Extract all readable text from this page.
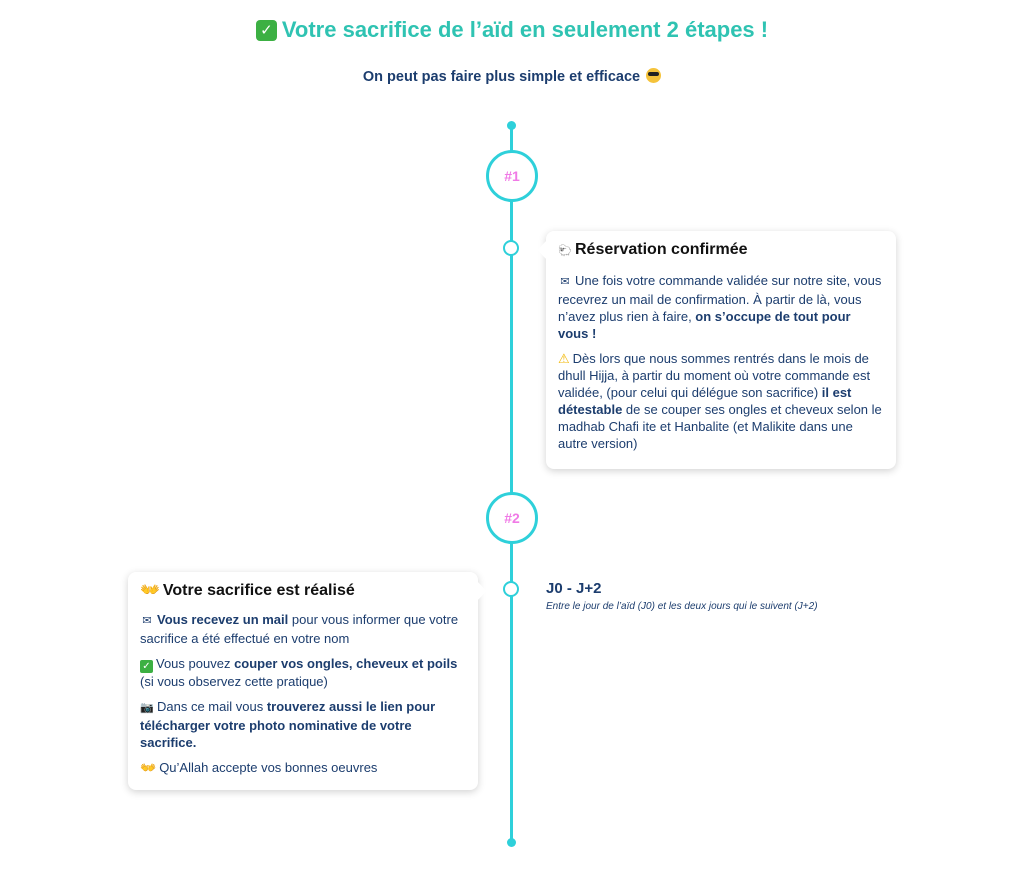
✓ Votre sacrifice de l’aïd en seulement 2 étapes !
On peut pas faire plus simple et efficace
#1
#2
🐑 Réservation confirmée

✉ Une fois votre commande validée sur notre site, vous recevrez un mail de confirmation. À partir de là, vous n’avez plus rien à faire, on s’occupe de tout pour vous !

⚠ Dès lors que nous sommes rentrés dans le mois de dhull Hijja, à partir du moment où votre commande est validée, (pour celui qui délégue son sacrifice) il est détestable de se couper ses ongles et cheveux selon le madhab Chafi ite et Hanbalite (et Malikite dans une autre version)

👐 Votre sacrifice est réalisé

✉ Vous recevez un mail pour vous informer que votre sacrifice a été effectué en votre nom

✓ Vous pouvez couper vos ongles, cheveux et poils (si vous observez cette pratique)

📷 Dans ce mail vous trouverez aussi le lien pour télécharger votre photo nominative de votre sacrifice.

👐 Qu’Allah accepte vos bonnes oeuvres

J0 - J+2
Entre le jour de l’aïd (J0) et les deux jours qui le suivent (J+2)
